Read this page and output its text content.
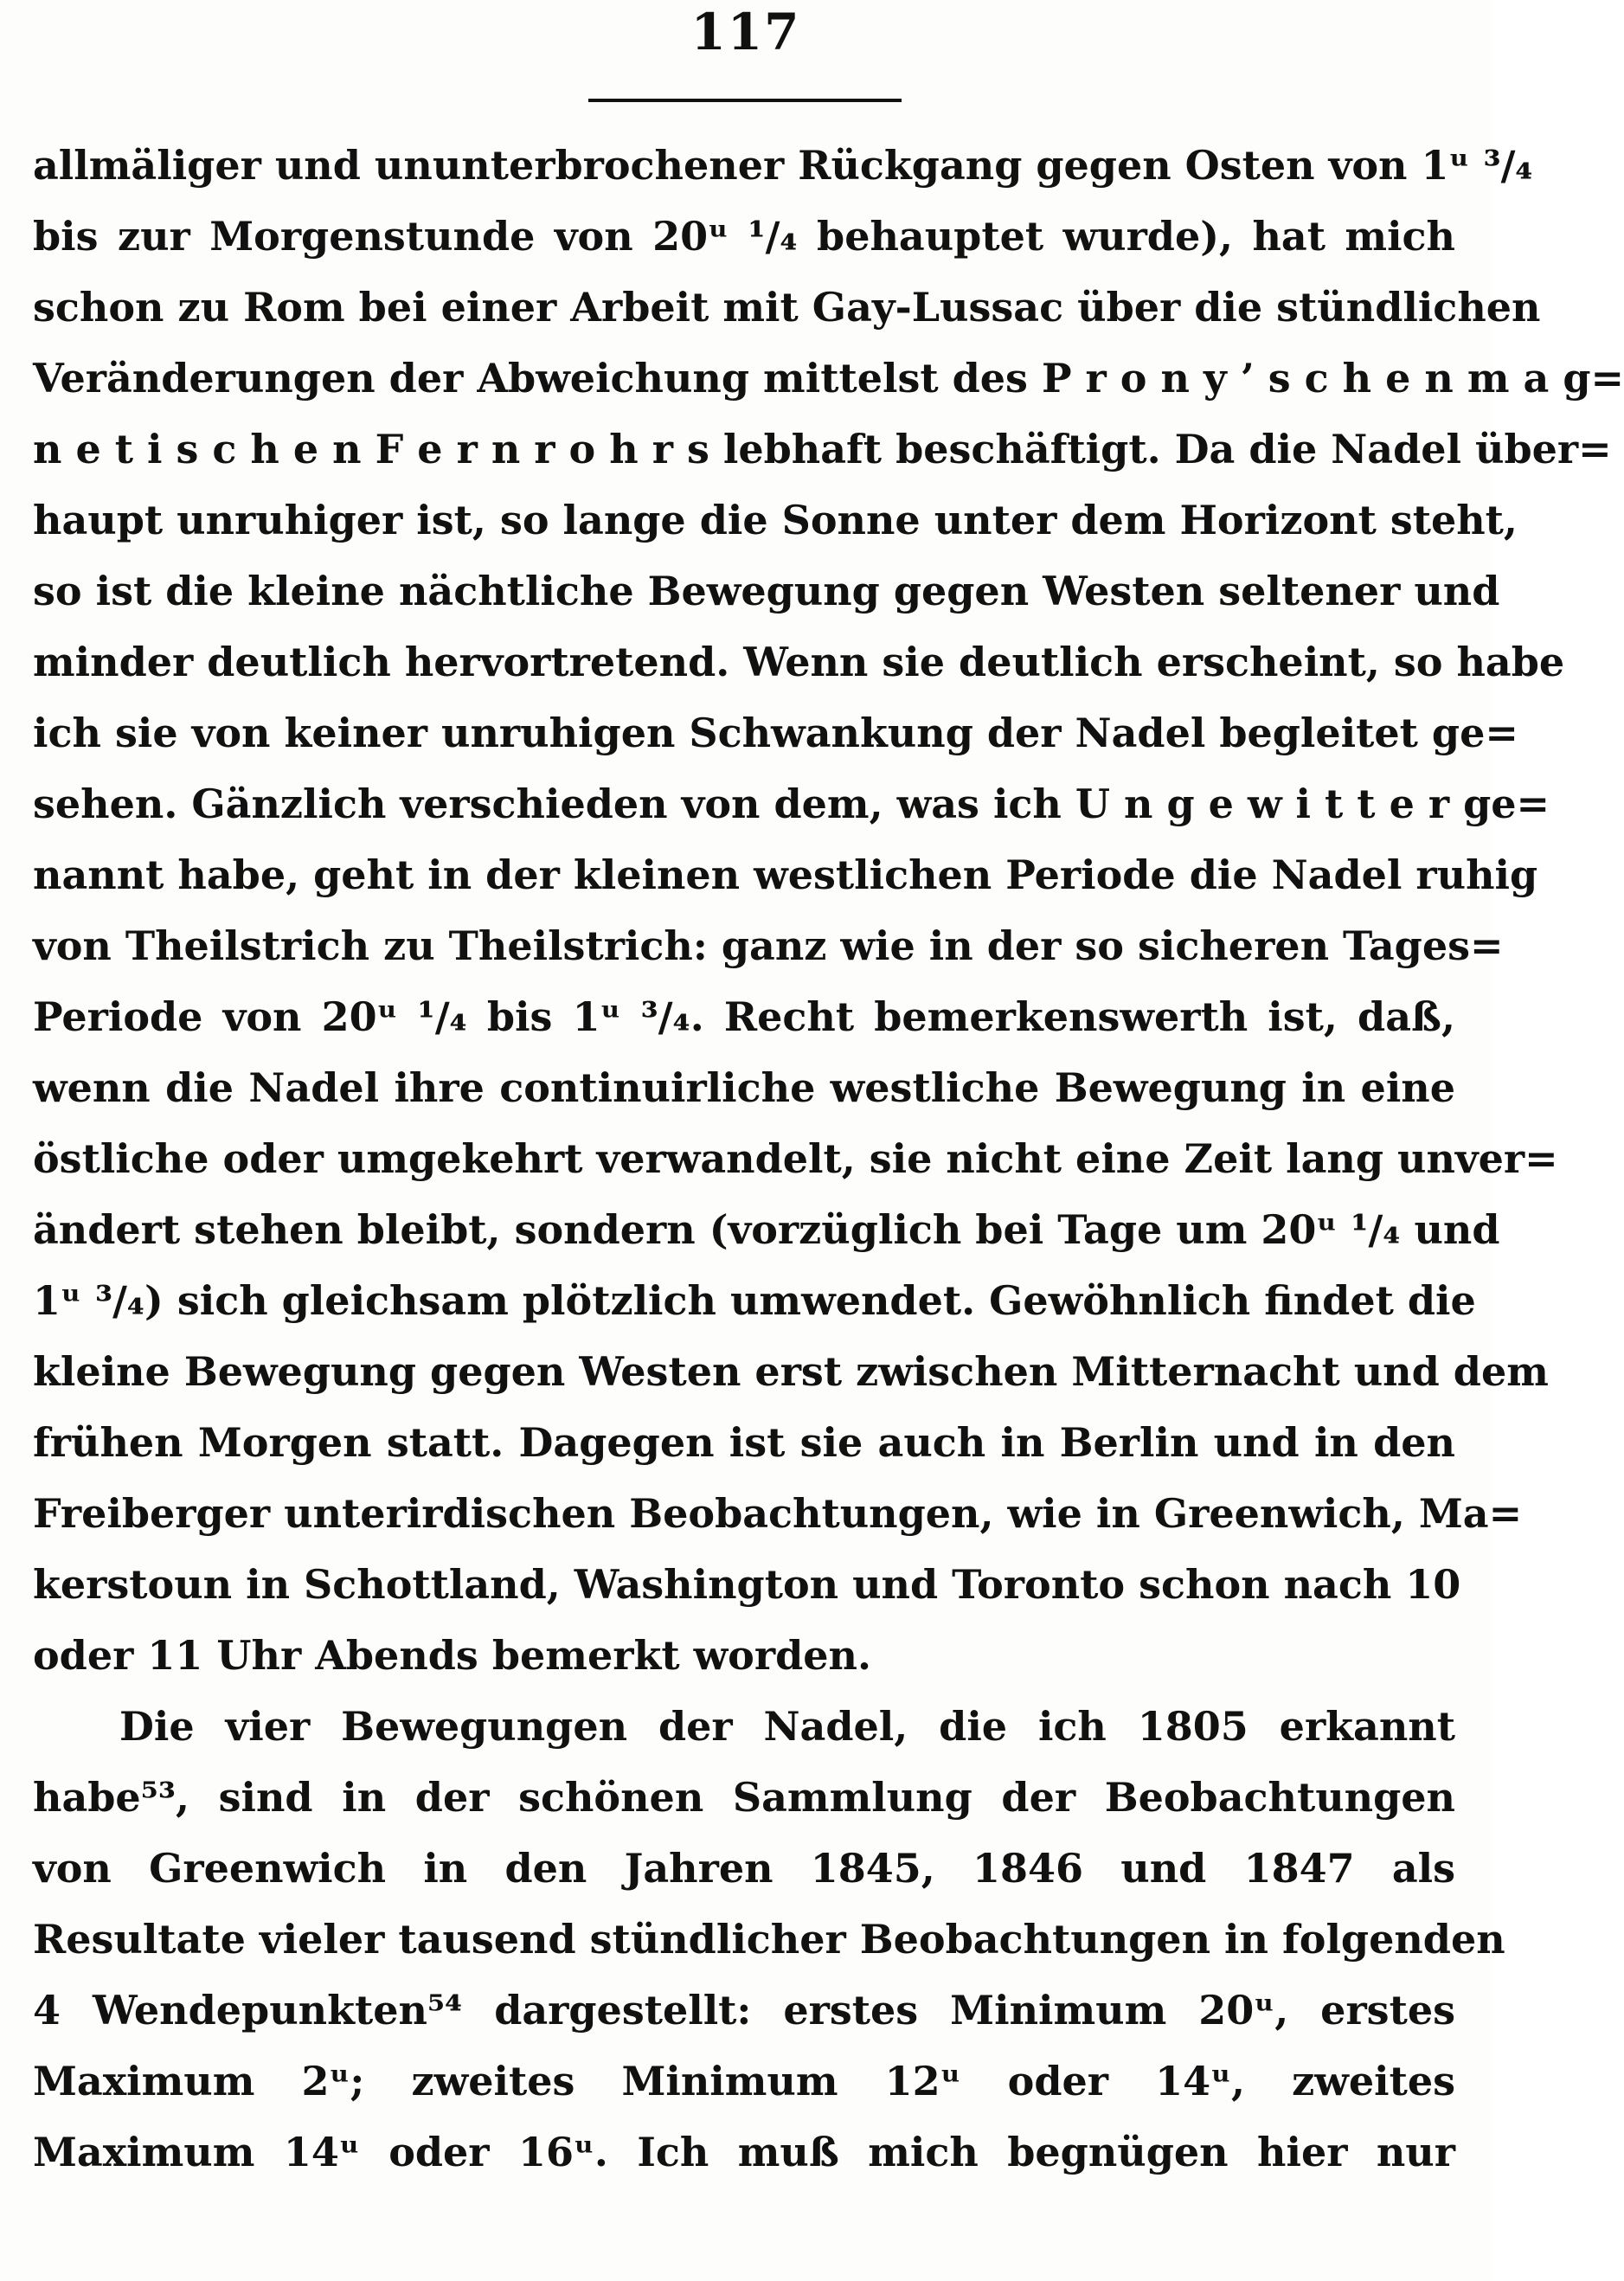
117
allmäliger und ununterbrochener Rückgang gegen Osten von 1ᵘ ³/₄
bis zur Morgenstunde von 20ᵘ ¹/₄ behauptet wurde), hat mich
schon zu Rom bei einer Arbeit mit Gay-Lussac über die stündlichen
Veränderungen der Abweichung mittelst des P r o n y ’ s c h e n m a g=
n e t i s c h e n F e r n r o h r s lebhaft beschäftigt. Da die Nadel über=
haupt unruhiger ist, so lange die Sonne unter dem Horizont steht,
so ist die kleine nächtliche Bewegung gegen Westen seltener und
minder deutlich hervortretend. Wenn sie deutlich erscheint, so habe
ich sie von keiner unruhigen Schwankung der Nadel begleitet ge=
sehen. Gänzlich verschieden von dem, was ich U n g e w i t t e r ge=
nannt habe, geht in der kleinen westlichen Periode die Nadel ruhig
von Theilstrich zu Theilstrich: ganz wie in der so sicheren Tages=
Periode von 20ᵘ ¹/₄ bis 1ᵘ ³/₄. Recht bemerkenswerth ist, daß,
wenn die Nadel ihre continuirliche westliche Bewegung in eine
östliche oder umgekehrt verwandelt, sie nicht eine Zeit lang unver=
ändert stehen bleibt, sondern (vorzüglich bei Tage um 20ᵘ ¹/₄ und
1ᵘ ³/₄) sich gleichsam plötzlich umwendet. Gewöhnlich findet die
kleine Bewegung gegen Westen erst zwischen Mitternacht und dem
frühen Morgen statt. Dagegen ist sie auch in Berlin und in den
Freiberger unterirdischen Beobachtungen, wie in Greenwich, Ma=
kerstoun in Schottland, Washington und Toronto schon nach 10
oder 11 Uhr Abends bemerkt worden.
Die vier Bewegungen der Nadel, die ich 1805 erkannt
habe⁵³, sind in der schönen Sammlung der Beobachtungen
von Greenwich in den Jahren 1845, 1846 und 1847 als
Resultate vieler tausend stündlicher Beobachtungen in folgenden
4 Wendepunkten⁵⁴ dargestellt: erstes Minimum 20ᵘ, erstes
Maximum 2ᵘ; zweites Minimum 12ᵘ oder 14ᵘ, zweites
Maximum 14ᵘ oder 16ᵘ. Ich muß mich begnügen hier nur
